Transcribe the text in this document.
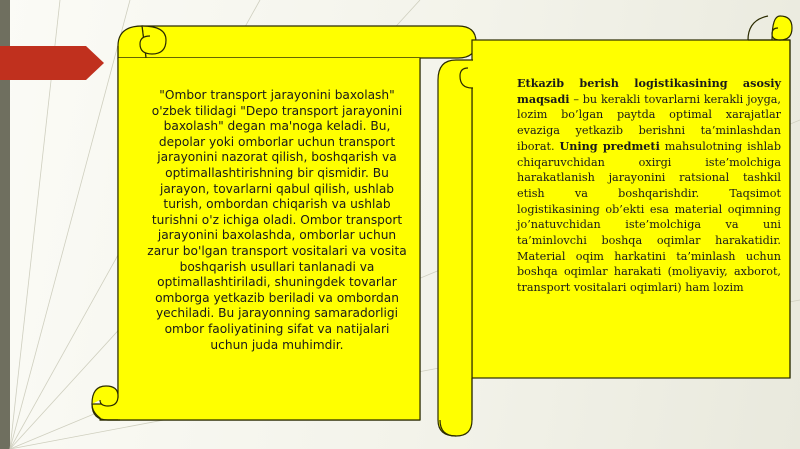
"Ombor transport jarayonini baxolash"
o'zbek tilidagi "Depo transport jarayonini
baxolash" degan ma'noga keladi. Bu,
depolar yoki omborlar uchun transport
jarayonini nazorat qilish, boshqarish va
optimallashtirishning bir qismidir. Bu
jarayon, tovarlarni qabul qilish, ushlab
turish, ombordan chiqarish va ushlab
turishni o'z ichiga oladi. Ombor transport
jarayonini baxolashda, omborlar uchun
zarur bo'lgan transport vositalari va vosita
boshqarish usullari tanlanadi va
optimallashtiriladi, shuningdek tovarlar
omborga yetkazib beriladi va ombordan
yechiladi. Bu jarayonning samaradorligi
ombor faoliyatining sifat va natijalari
uchun juda muhimdir.

Etkazib berish logistikasining asosiy maqsadi – bu kerakli tovarlarni kerakli joyga, lozim bo’lgan paytda optimal xarajatlar evaziga yetkazib berishni ta’minlashdan iborat. Uning predmeti mahsulotning ishlab chiqaruvchidan oxirgi iste’molchiga harakatlanish jarayonini ratsional tashkil etish va boshqarishdir. Taqsimot logistikasining ob’ekti esa material oqimning jo’natuvchidan iste’molchiga va uni ta’minlovchi boshqa oqimlar harakatidir. Material oqim harkatini ta’minlash uchun boshqa oqimlar harakati (moliyaviy, axborot, transport vositalari oqimlari) ham lozim
